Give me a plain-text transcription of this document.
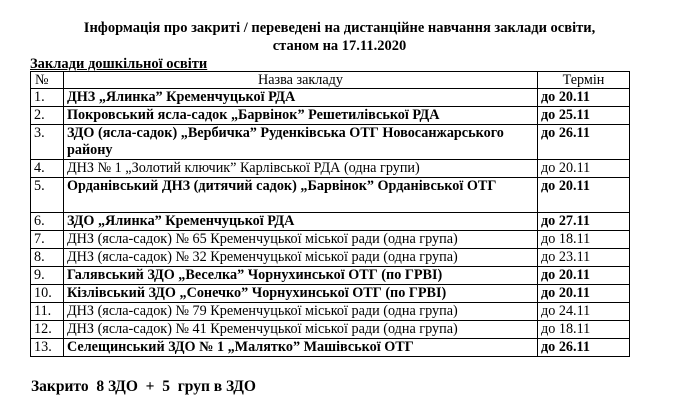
Інформація про закриті / переведені на дистанційне навчання заклади освіти,
станом на 17.11.2020
Заклади дошкільної освіти
№	Назва закладу	Термін
1.	ДНЗ „Ялинка” Кременчуцької РДА	до 20.11
2.	Покровський ясла-садок „Барвінок” Решетилівської РДА	до 25.11
3.	ЗДО (ясла-садок) „Вербичка” Руденківська ОТГ Новосанжарського району	до 26.11
4.	ДНЗ № 1 „Золотий ключик” Карлівської РДА (одна групи)	до 20.11
5.	Орданівський ДНЗ (дитячий садок) „Барвінок” Орданівської ОТГ	до 20.11
6.	ЗДО „Ялинка” Кременчуцької РДА	до 27.11
7.	ДНЗ (ясла-садок) № 65 Кременчуцької міської ради (одна група)	до 18.11
8.	ДНЗ (ясла-садок) № 32 Кременчуцької міської ради (одна група)	до 23.11
9.	Галявський ЗДО „Веселка” Чорнухинської ОТГ (по ГРВІ)	до 20.11
10.	Кізлівський ЗДО „Сонечко” Чорнухинської ОТГ (по ГРВІ)	до 20.11
11.	ДНЗ (ясла-садок) № 79 Кременчуцької міської ради (одна група)	до 24.11
12.	ДНЗ (ясла-садок) № 41 Кременчуцької міської ради (одна група)	до 18.11
13.	Селещинський ЗДО № 1 „Малятко” Машівської ОТГ	до 26.11
Закрито  8 ЗДО  +  5  груп в ЗДО
